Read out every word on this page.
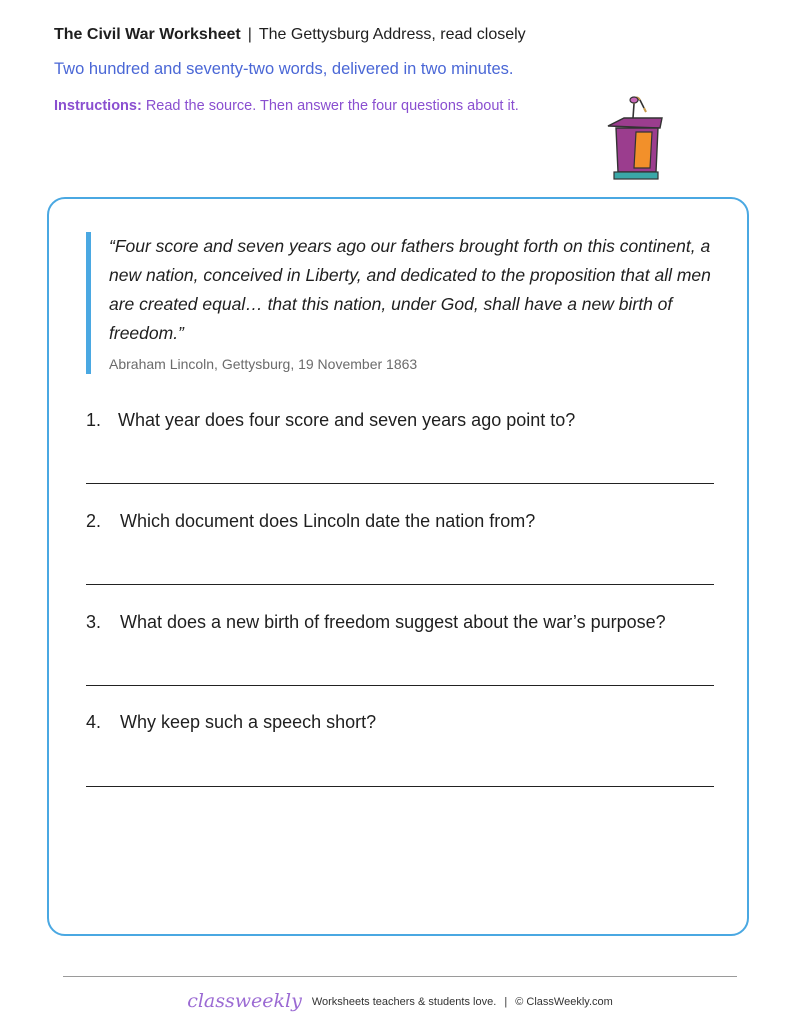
The Civil War Worksheet | The Gettysburg Address, read closely
Two hundred and seventy-two words, delivered in two minutes.
Instructions: Read the source. Then answer the four questions about it.
“Four score and seven years ago our fathers brought forth on this continent, a new nation, conceived in Liberty, and dedicated to the proposition that all men are created equal… that this nation, under God, shall have a new birth of freedom.”
Abraham Lincoln, Gettysburg, 19 November 1863
1. What year does four score and seven years ago point to?
2. Which document does Lincoln date the nation from?
3. What does a new birth of freedom suggest about the war’s purpose?
4. Why keep such a speech short?
classweekly Worksheets teachers & students love. | © ClassWeekly.com
